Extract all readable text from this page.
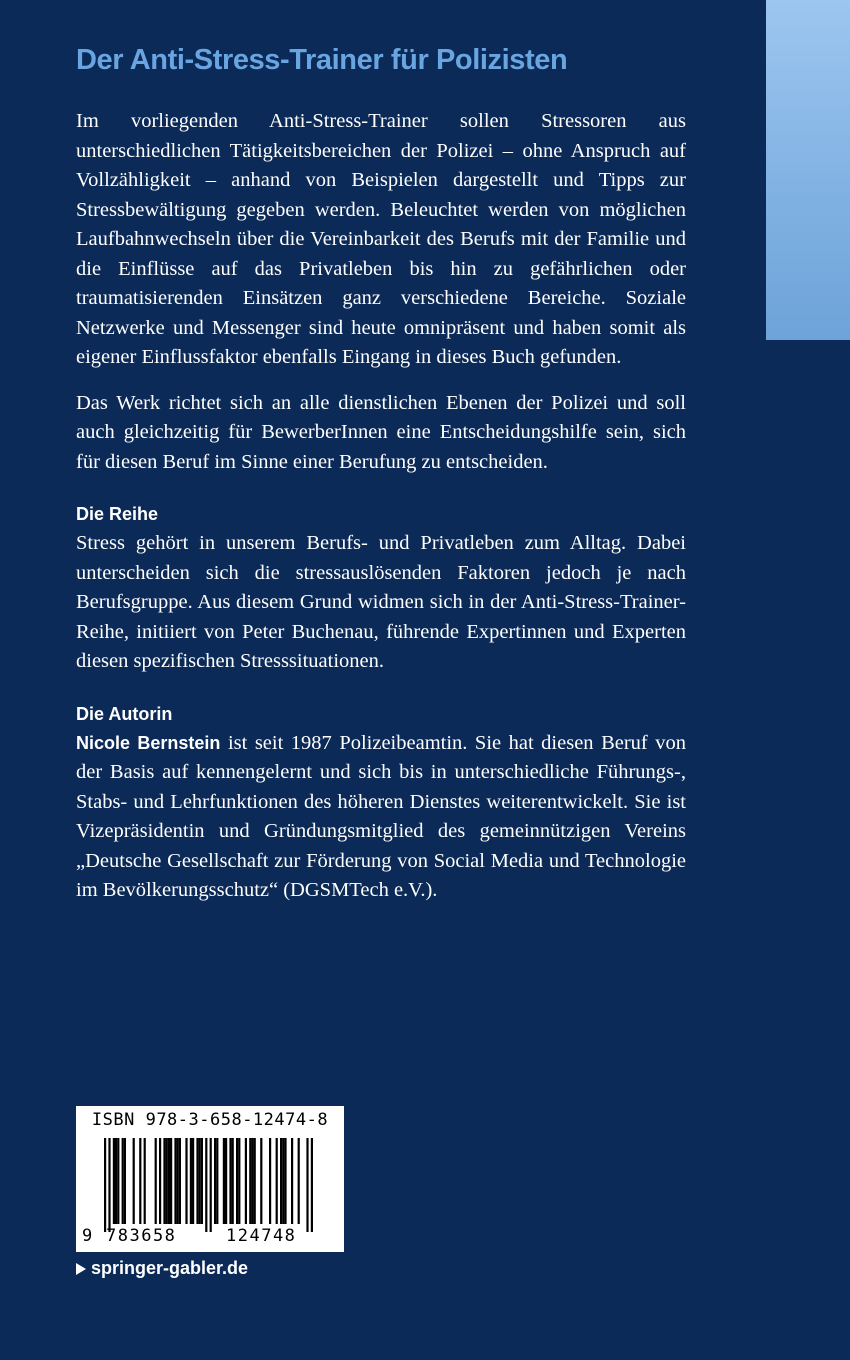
Der Anti-Stress-Trainer für Polizisten

Im vorliegenden Anti-Stress-Trainer sollen Stressoren aus unterschiedlichen Tätigkeitsbereichen der Polizei – ohne Anspruch auf Vollzähligkeit – anhand von Beispielen dargestellt und Tipps zur Stressbewältigung gegeben werden. Beleuchtet werden von möglichen Laufbahnwechseln über die Vereinbarkeit des Berufs mit der Familie und die Einflüsse auf das Privatleben bis hin zu gefährlichen oder traumatisierenden Einsätzen ganz verschiedene Bereiche. Soziale Netzwerke und Messenger sind heute omnipräsent und haben somit als eigener Einflussfaktor ebenfalls Eingang in dieses Buch gefunden.

Das Werk richtet sich an alle dienstlichen Ebenen der Polizei und soll auch gleichzeitig für BewerberInnen eine Entscheidungshilfe sein, sich für diesen Beruf im Sinne einer Berufung zu entscheiden.

Die Reihe

Stress gehört in unserem Berufs- und Privatleben zum Alltag. Dabei unterscheiden sich die stressauslösenden Faktoren jedoch je nach Berufsgruppe. Aus diesem Grund widmen sich in der Anti-Stress-Trainer-Reihe, initiiert von Peter Buchenau, führende Expertinnen und Experten diesen spezifischen Stresssituationen.

Die Autorin

Nicole Bernstein ist seit 1987 Polizeibeamtin. Sie hat diesen Beruf von der Basis auf kennengelernt und sich bis in unterschiedliche Führungs-, Stabs- und Lehrfunktionen des höheren Dienstes weiterentwickelt. Sie ist Vizepräsidentin und Gründungsmitglied des gemeinnützigen Vereins „Deutsche Gesellschaft zur Förderung von Social Media und Technologie im Bevölkerungsschutz“ (DGSMTech e.V.).

ISBN 978-3-658-12474-8
9 783658	124748
springer-gabler.de
